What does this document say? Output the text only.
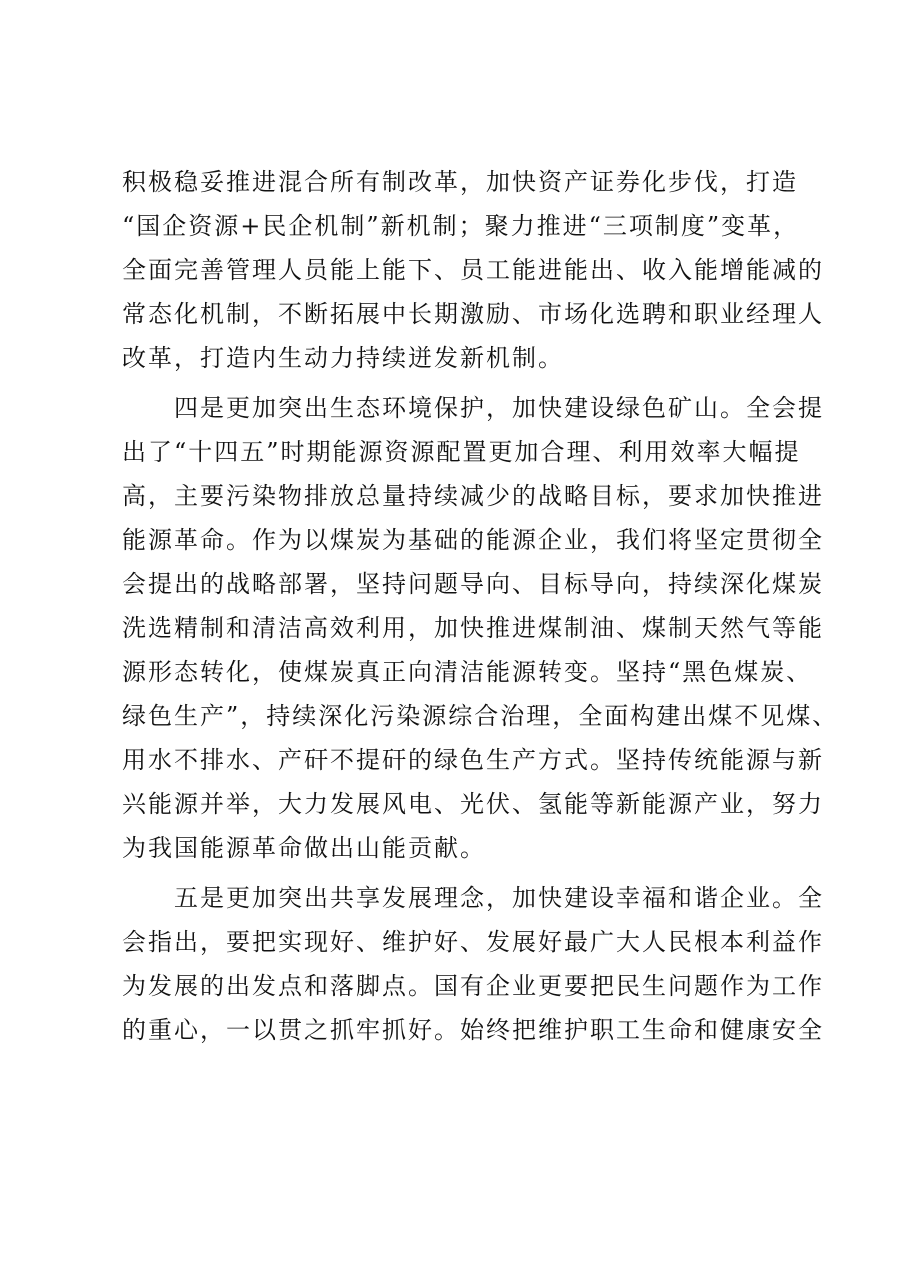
积极稳妥推进混合所有制改革，加快资产证券化步伐，打造
“国企资源+民企机制”新机制；聚力推进“三项制度”变革，
全面完善管理人员能上能下、员工能进能出、收入能增能减的
常态化机制，不断拓展中长期激励、市场化选聘和职业经理人
改革，打造内生动力持续迸发新机制。
四是更加突出生态环境保护，加快建设绿色矿山。全会提
出了“十四五”时期能源资源配置更加合理、利用效率大幅提
高，主要污染物排放总量持续减少的战略目标，要求加快推进
能源革命。作为以煤炭为基础的能源企业，我们将坚定贯彻全
会提出的战略部署，坚持问题导向、目标导向，持续深化煤炭
洗选精制和清洁高效利用，加快推进煤制油、煤制天然气等能
源形态转化，使煤炭真正向清洁能源转变。坚持“黑色煤炭、
绿色生产”，持续深化污染源综合治理，全面构建出煤不见煤、
用水不排水、产矸不提矸的绿色生产方式。坚持传统能源与新
兴能源并举，大力发展风电、光伏、氢能等新能源产业，努力
为我国能源革命做出山能贡献。
五是更加突出共享发展理念，加快建设幸福和谐企业。全
会指出，要把实现好、维护好、发展好最广大人民根本利益作
为发展的出发点和落脚点。国有企业更要把民生问题作为工作
的重心，一以贯之抓牢抓好。始终把维护职工生命和健康安全
